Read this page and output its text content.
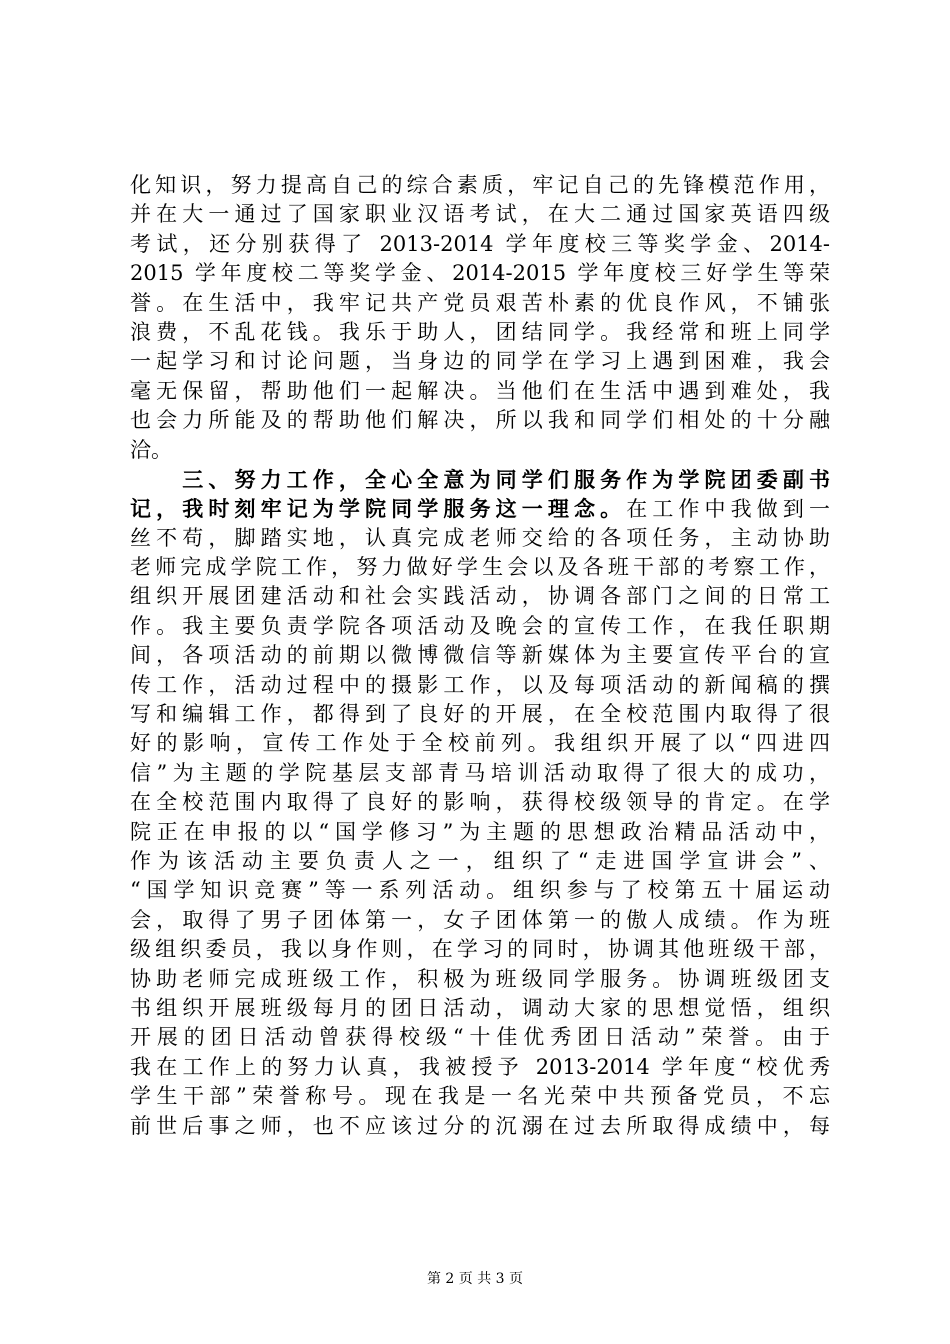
化知识，努力提高自己的综合素质，牢记自己的先锋模范作用，
并在大一通过了国家职业汉语考试，在大二通过国家英语四级
考试，还分别获得了 2013-2014 学年度校三等奖学金、2014-
2015 学年度校二等奖学金、2014-2015 学年度校三好学生等荣
誉。在生活中，我牢记共产党员艰苦朴素的优良作风，不铺张
浪费，不乱花钱。我乐于助人，团结同学。我经常和班上同学
一起学习和讨论问题，当身边的同学在学习上遇到困难，我会
毫无保留，帮助他们一起解决。当他们在生活中遇到难处，我
也会力所能及的帮助他们解决，所以我和同学们相处的十分融
洽。
　　三、努力工作，全心全意为同学们服务作为学院团委副书
记，我时刻牢记为学院同学服务这一理念。在工作中我做到一
丝不苟，脚踏实地，认真完成老师交给的各项任务，主动协助
老师完成学院工作，努力做好学生会以及各班干部的考察工作，
组织开展团建活动和社会实践活动，协调各部门之间的日常工
作。我主要负责学院各项活动及晚会的宣传工作，在我任职期
间，各项活动的前期以微博微信等新媒体为主要宣传平台的宣
传工作，活动过程中的摄影工作，以及每项活动的新闻稿的撰
写和编辑工作，都得到了良好的开展，在全校范围内取得了很
好的影响，宣传工作处于全校前列。我组织开展了以“四进四
信”为主题的学院基层支部青马培训活动取得了很大的成功，
在全校范围内取得了良好的影响，获得校级领导的肯定。在学
院正在申报的以“国学修习”为主题的思想政治精品活动中，
作为该活动主要负责人之一，组织了“走进国学宣讲会”、
“国学知识竞赛”等一系列活动。组织参与了校第五十届运动
会，取得了男子团体第一，女子团体第一的傲人成绩。作为班
级组织委员，我以身作则，在学习的同时，协调其他班级干部，
协助老师完成班级工作，积极为班级同学服务。协调班级团支
书组织开展班级每月的团日活动，调动大家的思想觉悟，组织
开展的团日活动曾获得校级“十佳优秀团日活动”荣誉。由于
我在工作上的努力认真，我被授予 2013-2014 学年度“校优秀
学生干部”荣誉称号。现在我是一名光荣中共预备党员，不忘
前世后事之师，也不应该过分的沉溺在过去所取得成绩中，每
第 2 页 共 3 页
